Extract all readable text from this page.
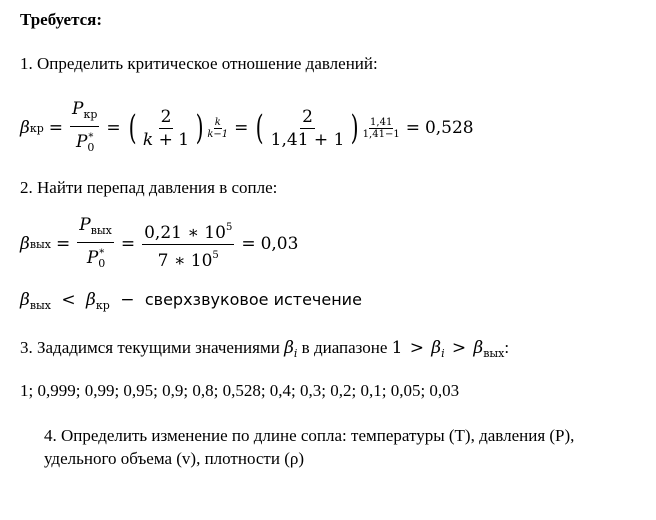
Требуется:
1. Определить критическое отношение давлений:
β кр = $\frac{P_{кр}}{P_0^*}$ = ( $\frac{2}{k + 1}$ ) $\frac{k}{k-1}$ = ( $\frac{2}{1,41 + 1}$ ) $\frac{1,41}{1,41-1} = 0,528$
2. Найти перепад давления в сопле:
β вых = $\frac{P_{вых}}{P_0^*} = \frac{0,21 ∗ 10^5}{7 ∗ 10^5} = 0,03$
$\beta_{вых} < \beta_{кр}$ − сверхзвуковое истечение
3. Зададимся текущими значениями $\beta_i$ в диапазоне $1 > \beta_i > \beta_{вых}$:
1; 0,999; 0,99; 0,95; 0,9; 0,8; 0,528; 0,4; 0,3; 0,2; 0,1; 0,05; 0,03
4. Определить изменение по длине сопла: температуры (T), давления (P),
удельного объема (v), плотности (ρ)
